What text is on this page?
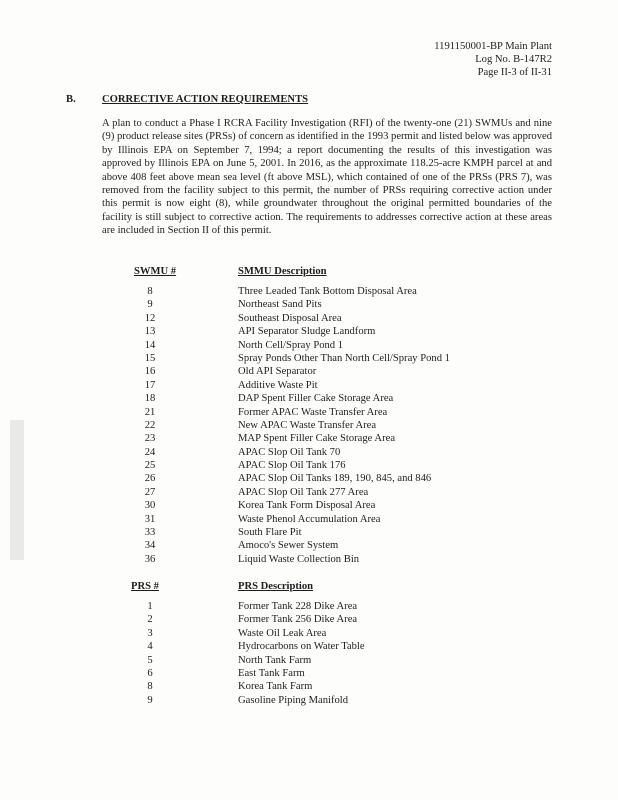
1191150001-BP Main Plant
Log No. B-147R2
Page II-3 of II-31
B. CORRECTIVE ACTION REQUIREMENTS
A plan to conduct a Phase I RCRA Facility Investigation (RFI) of the twenty-one (21) SWMUs and nine (9) product release sites (PRSs) of concern as identified in the 1993 permit and listed below was approved by Illinois EPA on September 7, 1994; a report documenting the results of this investigation was approved by Illinois EPA on June 5, 2001. In 2016, as the approximate 118.25-acre KMPH parcel at and above 408 feet above mean sea level (ft above MSL), which contained of one of the PRSs (PRS 7), was removed from the facility subject to this permit, the number of PRSs requiring corrective action under this permit is now eight (8), while groundwater throughout the original permitted boundaries of the facility is still subject to corrective action. The requirements to addresses corrective action at these areas are included in Section II of this permit.
SWMU #	SMMU Description
8	Three Leaded Tank Bottom Disposal Area
9	Northeast Sand Pits
12	Southeast Disposal Area
13	API Separator Sludge Landform
14	North Cell/Spray Pond 1
15	Spray Ponds Other Than North Cell/Spray Pond 1
16	Old API Separator
17	Additive Waste Pit
18	DAP Spent Filler Cake Storage Area
21	Former APAC Waste Transfer Area
22	New APAC Waste Transfer Area
23	MAP Spent Filler Cake Storage Area
24	APAC Slop Oil Tank 70
25	APAC Slop Oil Tank 176
26	APAC Slop Oil Tanks 189, 190, 845, and 846
27	APAC Slop Oil Tank 277 Area
30	Korea Tank Form Disposal Area
31	Waste Phenol Accumulation Area
33	South Flare Pit
34	Amoco's Sewer System
36	Liquid Waste Collection Bin
PRS #	PRS Description
1	Former Tank 228 Dike Area
2	Former Tank 256 Dike Area
3	Waste Oil Leak Area
4	Hydrocarbons on Water Table
5	North Tank Farm
6	East Tank Farm
8	Korea Tank Farm
9	Gasoline Piping Manifold
